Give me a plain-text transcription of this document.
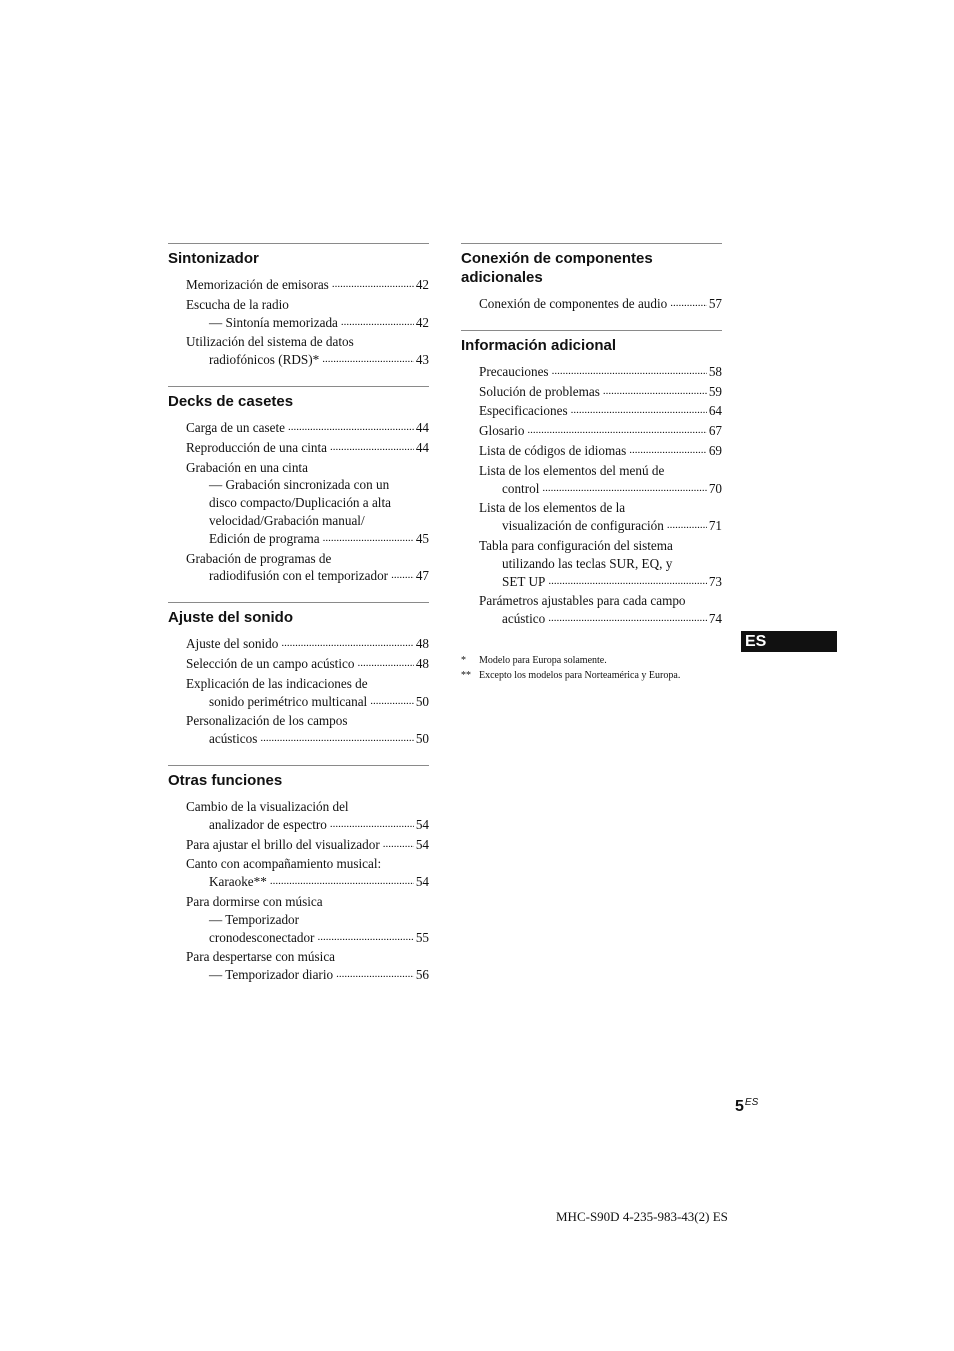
Sintonizador
Memorización de emisoras .....	42
Escucha de la radio
— Sintonía memorizada .....	42
Utilización del sistema de datos
radiofónicos (RDS)* .....	43
Decks de casetes
Carga de un casete .....	44
Reproducción de una cinta .....	44
Grabación en una cinta
— Grabación sincronizada con un
disco compacto/Duplicación a alta
velocidad/Grabación manual/
Edición de programa .....	45
Grabación de programas de
radiodifusión con el temporizador ..... 47
Ajuste del sonido
Ajuste del sonido .....	48
Selección de un campo acústico .....	48
Explicación de las indicaciones de
sonido perimétrico multicanal .....	50
Personalización de los campos
acústicos .....	50
Otras funciones
Cambio de la visualización del
analizador de espectro .....	54
Para ajustar el brillo del visualizador .....	54
Canto con acompañamiento musical:
Karaoke** .....	54
Para dormirse con música
— Temporizador
cronodesconectador .....	55
Para despertarse con música
— Temporizador diario .....	56
Conexión de componentes
adicionales
Conexión de componentes de audio .....	57
Información adicional
Precauciones .....	58
Solución de problemas .....	59
Especificaciones .....	64
Glosario .....	67
Lista de códigos de idiomas .....	69
Lista de los elementos del menú de
control .....	70
Lista de los elementos de la
visualización de configuración .....	71
Tabla para configuración del sistema
utilizando las teclas SUR, EQ, y
SET UP .....	73
Parámetros ajustables para cada campo
acústico .....	74
*	Modelo para Europa solamente.
** Excepto los modelos para Norteamérica y Europa.
ES
$5^{ES}$
MHC-S90D 4-235-983-43(2) ES
